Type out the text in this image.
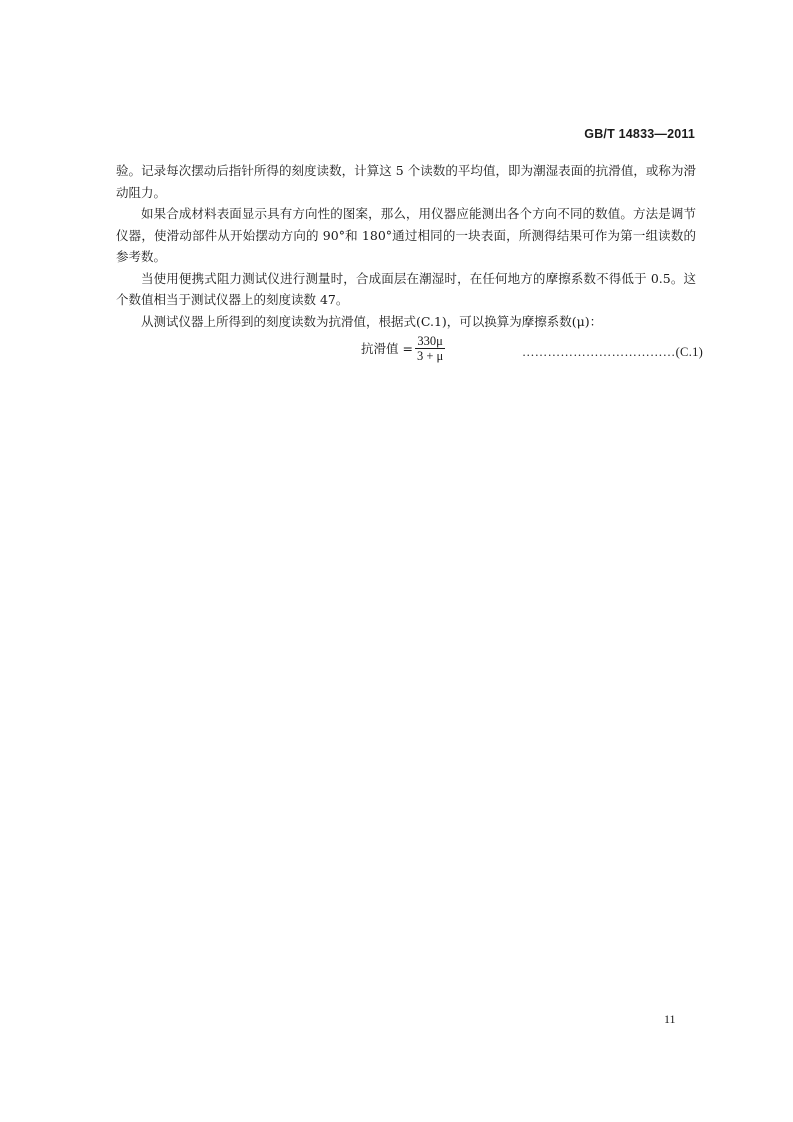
GB/T 14833—2011

验。记录每次摆动后指针所得的刻度读数，计算这 5 个读数的平均值，即为潮湿表面的抗滑值，或称为滑动阻力。

如果合成材料表面显示具有方向性的图案，那么，用仪器应能测出各个方向不同的数值。方法是调节仪器，使滑动部件从开始摆动方向的 90°和 180°通过相同的一块表面，所测得结果可作为第一组读数的参考数。

当使用便携式阻力测试仪进行测量时，合成面层在潮湿时，在任何地方的摩擦系数不得低于 0.5。这个数值相当于测试仪器上的刻度读数 47。

从测试仪器上所得到的刻度读数为抗滑值，根据式(C.1)，可以换算为摩擦系数(μ)：

抗滑值 = $\frac{330\mu}{3 + \mu}$	………………………………(C.1)
11
